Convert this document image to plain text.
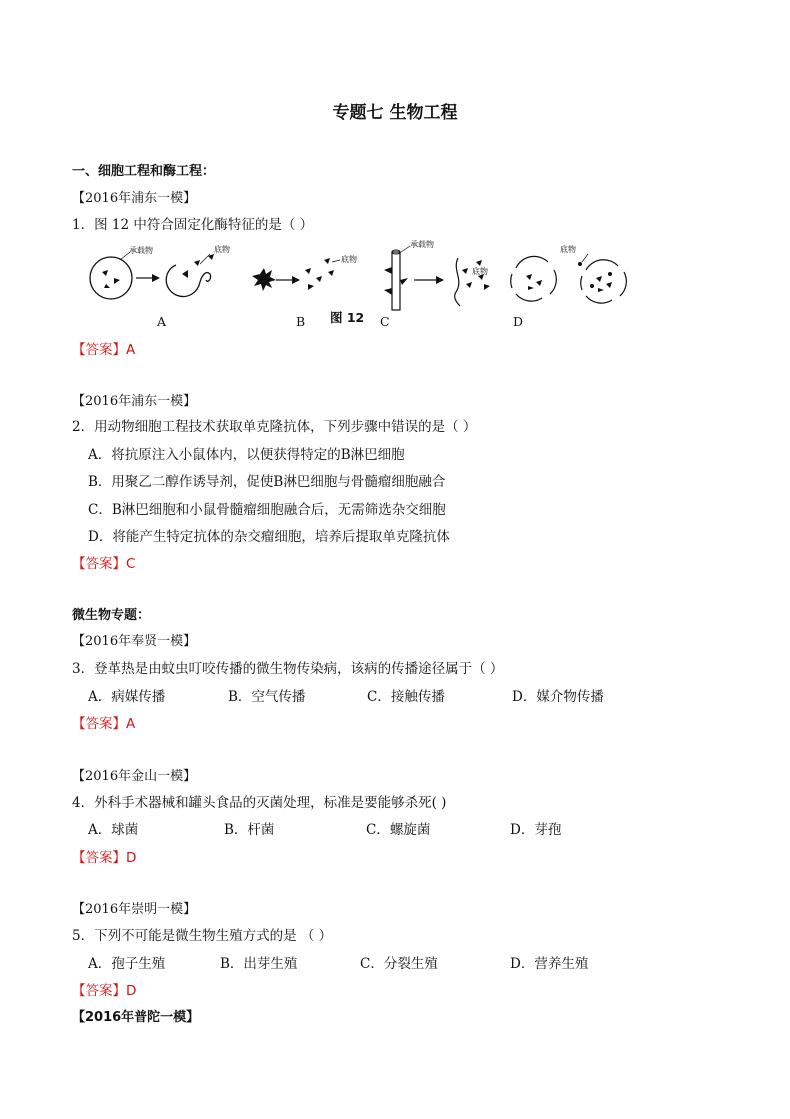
专题七 生物工程
一、细胞工程和酶工程：
【2016年浦东一模】
1．图 12 中符合固定化酶特征的是（ ）
承载物	底物
底物
承载物
底物
底物
A	B 图 12 C	D
【答案】A
【2016年浦东一模】
2．用动物细胞工程技术获取单克隆抗体，下列步骤中错误的是（ ）
A．将抗原注入小鼠体内，以便获得特定的B淋巴细胞
B．用聚乙二醇作诱导剂，促使B淋巴细胞与骨髓瘤细胞融合
C．B淋巴细胞和小鼠骨髓瘤细胞融合后，无需筛选杂交细胞
D．将能产生特定抗体的杂交瘤细胞，培养后提取单克隆抗体
【答案】C
微生物专题：
【2016年奉贤一模】
3．登革热是由蚊虫叮咬传播的微生物传染病，该病的传播途径属于（ ）
A．病媒传播	B．空气传播	C．接触传播	D．媒介物传播
【答案】A
【2016年金山一模】
4．外科手术器械和罐头食品的灭菌处理，标准是要能够杀死( )
A．球菌	B．杆菌	C．螺旋菌	D．芽孢
【答案】D
【2016年崇明一模】
5．下列不可能是微生物生殖方式的是 （ ）
A．孢子生殖	B．出芽生殖	C．分裂生殖	D．营养生殖
【答案】D
【2016年普陀一模】
